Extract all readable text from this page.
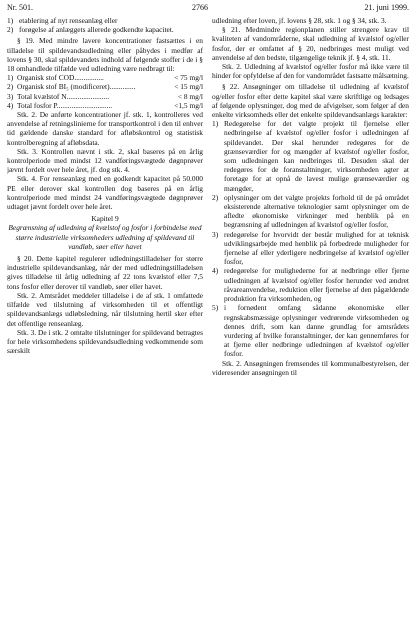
Nr. 501.	2766	21. juni 1999.
1) etablering af nyt renseanlæg eller
2) forøgelse af anlæggets allerede godkendte kapacitet.

§ 19. Med mindre lavere koncentrationer fastsættes i en tilladelse til spildevandsudledning eller påbydes i medfør af lovens § 30, skal spildevandets indhold af følgende stoffer i de i § 18 omhandlede tilfælde ved udledning være nedbragt til:

1) Organisk stof COD................	< 75 mg/l
2) Organisk stof BI₅ (modificeret)..............	< 15 mg/l
3) Total kvælstof N.......................	< 8 mg/l
4) Total fosfor P..............................	<1,5 mg/l

Stk. 2. De anførte koncentrationer jf. stk. 1, kontrolleres ved anvendelse af retningslinierne for transportkontrol i den til enhver tid gældende danske standard for afløbskontrol og statistisk kontrolberegning af afløbsdata.

Stk. 3. Kontrollen nævnt i stk. 2, skal baseres på en årlig kontrolperiode med mindst 12 vandføringsvægtede døgnprøver jævnt fordelt over hele året, jf. dog stk. 4.

Stk. 4. For renseanlæg med en godkendt kapacitet på 50.000 PE eller derover skal kontrollen dog baseres på en årlig kontrolperiode med mindst 24 vandføringsvægtede døgnprøver udtaget jævnt fordelt over hele året.

Kapitel 9

Begrænsning af udledning af kvælstof og fosfor i forbindelse med større industrielle virksomheders udledning af spildevand til vandløb, søer eller havet

§ 20. Dette kapitel regulerer udledningstilladelser for større industrielle spildevandsanlæg, når der med udledningstilladelsen gives tilladelse til årlig udledning af 22 tons kvælstof eller 7,5 tons fosfor eller derover til vandløb, søer eller havet.

Stk. 2. Amtsrådet meddeler tilladelse i de af stk. 1 omfattede tilfælde ved tilslutning af virksomheden til et offentligt spildevandsanlægs udløbsledning, når tilslutning hertil sker efter det offentlige renseanlæg.

Stk. 3. De i stk. 2 omtalte tilslutninger for spildevand betragtes for hele virksomhedens spildevandsudledning vedkommende som særskilt

udledning efter loven, jf. lovens § 28, stk. 1 og § 34, stk. 3.

§ 21. Medmindre regionplanen stiller strengere krav til kvaliteten af vandområderne, skal udledning af kvælstof og/eller fosfor, der er omfattet af § 20, nedbringes mest muligt ved anvendelse af den bedste, tilgængelige teknik jf. § 4, stk. 11.

Stk. 2. Udledning af kvælstof og/eller fosfor må ikke være til hinder for opfyldelse af den for vandområdet fastsatte målsætning.

§ 22. Ansøgninger om tilladelse til udledning af kvælstof og/eller fosfor efter dette kapitel skal være skriftlige og ledsages af følgende oplysninger, dog med de afvigelser, som følger af den enkelte virksomheds eller det enkelte spildevandsanlægs karakter:

1) Redegørelse for det valgte projekt til fjernelse eller nedbringelse af kvælstof og/eller fosfor i udledningen af spildevandet. Der skal herunder redegøres for de grænseværdier for og mængder af kvælstof og/eller fosfor, som udledningen kan nedbringes til. Desuden skal der redegøres for de foranstaltninger, virksomheden agter at foretage for at opnå de lavest mulige grænseværdier og mængder,
2) oplysninger om det valgte projekts forhold til de på området eksisterende alternative teknologier samt oplysninger om de afledte økonomiske virkninger med henblik på en begrænsning af udledningen af kvælstof og/eller fosfor,
3) redegørelse for hvorvidt der består mulighed for at teknisk udviklingsarbejde med henblik på forbedrede muligheder for fjernelse af eller yderligere nedbringelse af kvælstof og/eller fosfor,
4) redegørelse for mulighederne for at nedbringe eller fjerne udledningen af kvælstof og/eller fosfor herunder ved ændret råvareanvendelse, reduktion eller fjernelse af den pågældende produktion fra virksomheden, og
5) i fornødent omfang sådanne økonomiske eller regnskabsmæssige oplysninger vedrørende virksomheden og dennes drift, som kan danne grundlag for amtsrådets vurdering af hvilke foranstaltninger, der kan gennemføres for at fjerne eller nedbringe udledningen af kvælstof og/eller fosfor.

Stk. 2. Ansøgningen fremsendes til kommunalbestyrelsen, der videresender ansøgningen til
